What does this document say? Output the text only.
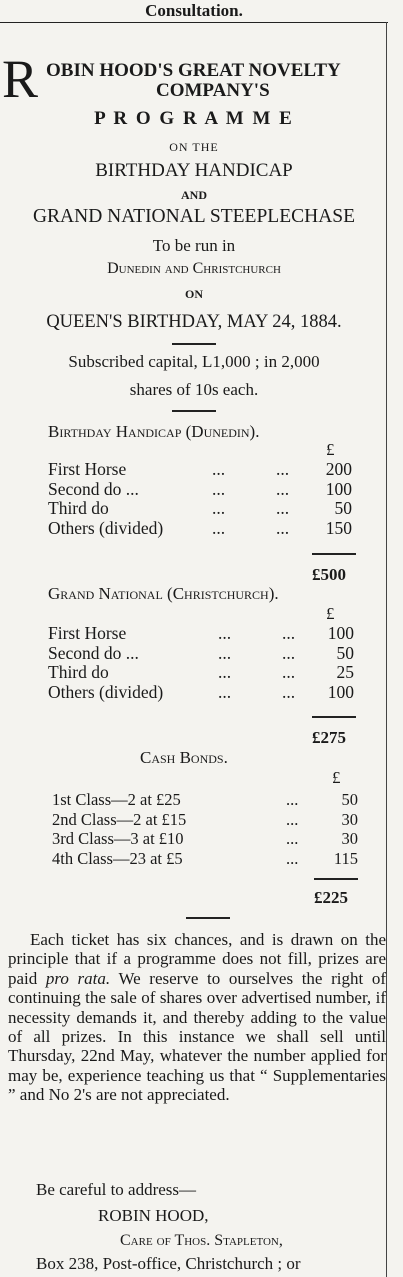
Consultation.
R OBIN HOOD'S GREAT NOVELTY
COMPANY'S
P R O G R A M M E
ON THE
BIRTHDAY HANDICAP
AND
GRAND NATIONAL STEEPLECHASE
To be run in
Dunedin and Christchurch
ON
QUEEN'S BIRTHDAY, MAY 24, 1884.
Subscribed capital, L1,000 ; in 2,000
shares of 10s each.
Birthday Handicap (Dunedin).
£
First Horse	...	... 200
Second do ...	...	... 100
Third do	...	...	50
Others (divided)	...	... 150
£500
Grand National (Christchurch).
£
First Horse	...	... 100
Second do ...	...	... 50
Third do	...	... 25
Others (divided)	...	... 100
£275
Cash Bonds.
£
1st Class—2 at £25	...	50
2nd Class—2 at £15	...	30
3rd Class—3 at £10	...	30
4th Class—23 at £5	... 115
£225

Each ticket has six chances, and is drawn on the principle that if a programme does not fill, prizes are paid pro rata. We reserve to ourselves the right of continuing the sale of shares over advertised number, if necessity demands it, and thereby adding to the value of all prizes. In this instance we shall sell until Thursday, 22nd May, whatever the number applied for may be, experience teaching us that “ Supplementaries ” and No 2's are not appreciated.

Be careful to address—
ROBIN HOOD,
Care of Thos. Stapleton,
Box 238, Post-office, Christchurch ; or
